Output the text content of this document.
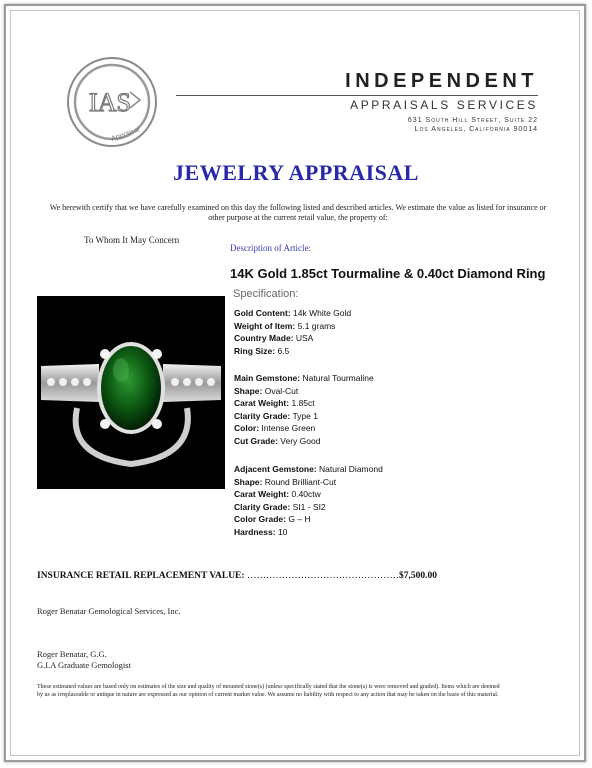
IAS
Appraisal
INDEPENDENT
APPRAISALS SERVICES
631 South Hill Street, Suite 22
Los Angeles, California 90014
JEWELRY APPRAISAL
We herewith certify that we have carefully examined on this day the following listed and described articles. We estimate the value as listed for insurance or other purpose at the current retail value, the property of:
To Whom It May Concern
Description of Article:
14K Gold 1.85ct Tourmaline & 0.40ct Diamond Ring
Specification:
Gold Content: 14k White Gold
Weight of Item: 5.1 grams
Country Made: USA
Ring Size: 6.5
Main Gemstone: Natural Tourmaline
Shape: Oval-Cut
Carat Weight: 1.85ct
Clarity Grade: Type 1
Color: Intense Green
Cut Grade: Very Good
Adjacent Gemstone: Natural Diamond
Shape: Round Brilliant-Cut
Carat Weight: 0.40ctw
Clarity Grade: SI1 - SI2
Color Grade: G – H
Hardness: 10
INSURANCE RETAIL REPLACEMENT VALUE: …………………………………………$7,500.00
Roger Benatar Gemological Services, Inc.
Roger Benatar, G.G.
G.I.A Graduate Gemologist
These estimated values are based only on estimates of the size and quality of mounted stone(s) (unless specifically stated that the stone(s) is were removed and graded). Items which are deemed by us as irreplaceable or antique in nature are expressed as our opinion of current market value. We assume no liability with respect to any action that may be taken on the basis of this material.
